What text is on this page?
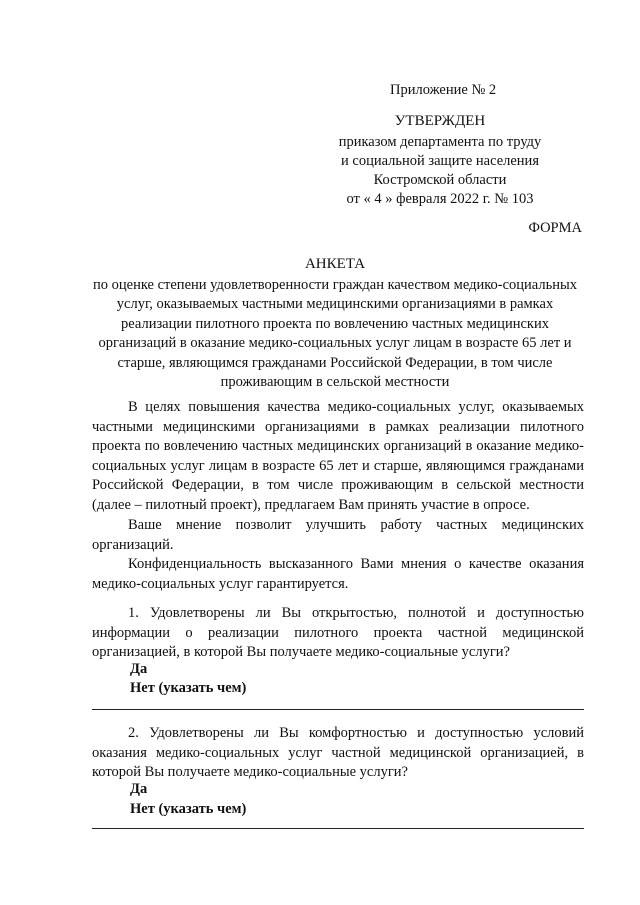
Приложение № 2
УТВЕРЖДЕН
приказом департамента по труду
и социальной защите населения
Костромской области
от « 4 » февраля 2022 г. № 103
ФОРМА
АНКЕТА
по оценке степени удовлетворенности граждан качеством медико-социальных услуг, оказываемых частными медицинскими организациями в рамках реализации пилотного проекта по вовлечению частных медицинских организаций в оказание медико-социальных услуг лицам в возрасте 65 лет и старше, являющимся гражданами Российской Федерации, в том числе проживающим в сельской местности
В целях повышения качества медико-социальных услуг, оказываемых частными медицинскими организациями в рамках реализации пилотного проекта по вовлечению частных медицинских организаций в оказание медико-социальных услуг лицам в возрасте 65 лет и старше, являющимся гражданами Российской Федерации, в том числе проживающим в сельской местности (далее – пилотный проект), предлагаем Вам принять участие в опросе.
Ваше мнение позволит улучшить работу частных медицинских организаций.
Конфиденциальность высказанного Вами мнения о качестве оказания медико-социальных услуг гарантируется.
1. Удовлетворены ли Вы открытостью, полнотой и доступностью информации о реализации пилотного проекта частной медицинской организацией, в которой Вы получаете медико-социальные услуги?
Да
Нет (указать чем)
2. Удовлетворены ли Вы комфортностью и доступностью условий оказания медико-социальных услуг частной медицинской организацией, в которой Вы получаете медико-социальные услуги?
Да
Нет (указать чем)
